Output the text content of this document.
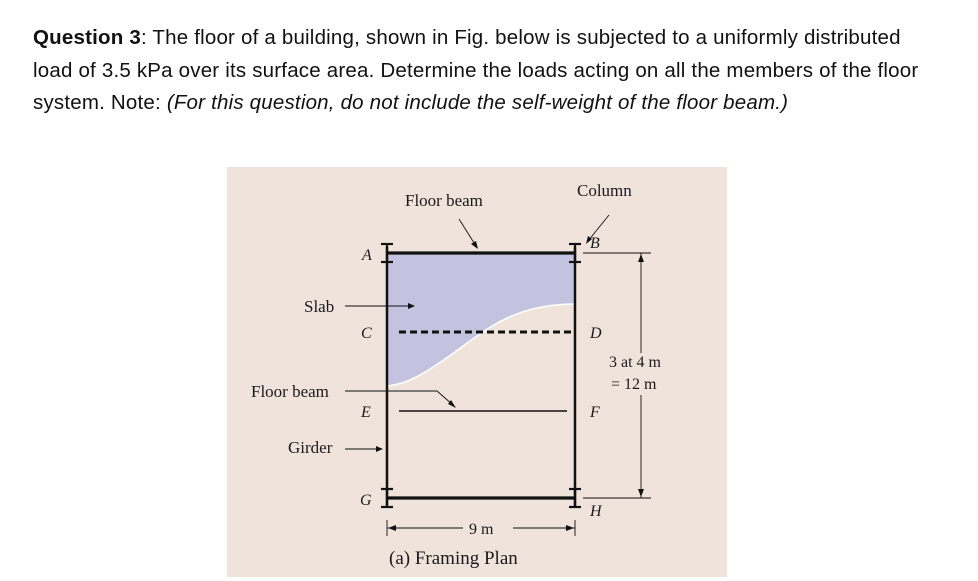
Question 3: The floor of a building, shown in Fig. below is subjected to a uniformly distributed load of 3.5 kPa over its surface area. Determine the loads acting on all the members of the floor system. Note: (For this question, do not include the self-weight of the floor beam.)
Floor beam
Column
Slab
Floor beam
Girder
A
B
C	D
E	F
G
H
3 at 4 m
= 12 m
9 m
(a) Framing Plan
